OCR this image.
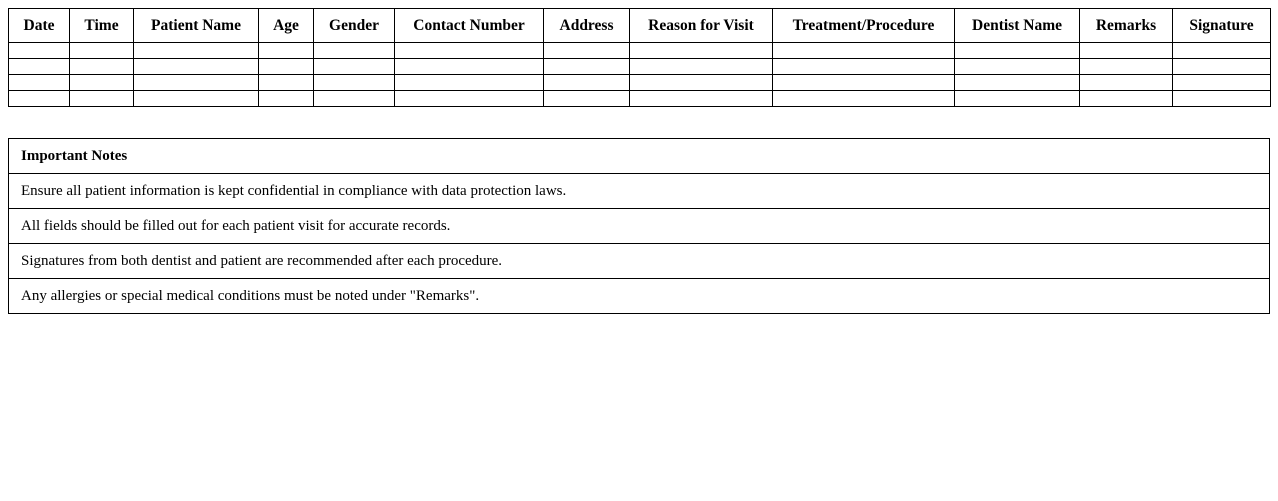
Date	Time	Patient Name	Age	Gender	Contact Number	Address	Reason for Visit	Treatment/Procedure	Dentist Name	Remarks	Signature

Important Notes
Ensure all patient information is kept confidential in compliance with data protection laws.
All fields should be filled out for each patient visit for accurate records.
Signatures from both dentist and patient are recommended after each procedure.
Any allergies or special medical conditions must be noted under "Remarks".
